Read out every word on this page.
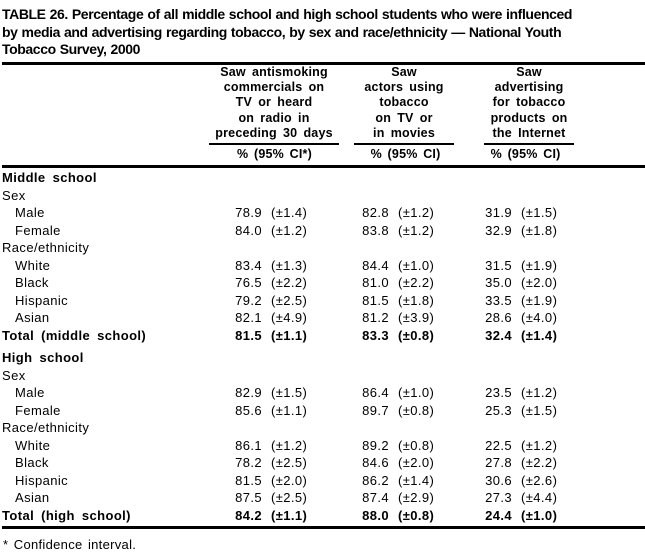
TABLE 26. Percentage of all middle school and high school students who were influenced
by media and advertising regarding tobacco, by sex and race/ethnicity — National Youth
Tobacco Survey, 2000

Saw antismoking
commercials on
TV or heard
on radio in
preceding 30 days
% (95% CI*)

Saw
actors using
tobacco
on TV or
in movies
% (95% CI)

Saw
advertising
for tobacco
products on
the Internet
% (95% CI)

Middle school							
Sex							
Male	78.9	(±1.4)	82.8	(±1.2)	31.9	(±1.5)	
Female	84.0	(±1.2)	83.8	(±1.2)	32.9	(±1.8)	
Race/ethnicity							
White	83.4	(±1.3)	84.4	(±1.0)	31.5	(±1.9)	
Black	76.5	(±2.2)	81.0	(±2.2)	35.0	(±2.0)	
Hispanic	79.2	(±2.5)	81.5	(±1.8)	33.5	(±1.9)	
Asian	82.1	(±4.9)	81.2	(±3.9)	28.6	(±4.0)	
Total (middle school)	81.5	(±1.1)	83.3	(±0.8)	32.4	(±1.4)	
High school							
Sex							
Male	82.9	(±1.5)	86.4	(±1.0)	23.5	(±1.2)	
Female	85.6	(±1.1)	89.7	(±0.8)	25.3	(±1.5)	
Race/ethnicity							
White	86.1	(±1.2)	89.2	(±0.8)	22.5	(±1.2)	
Black	78.2	(±2.5)	84.6	(±2.0)	27.8	(±2.2)	
Hispanic	81.5	(±2.0)	86.2	(±1.4)	30.6	(±2.6)	
Asian	87.5	(±2.5)	87.4	(±2.9)	27.3	(±4.4)	
Total (high school)	84.2	(±1.1)	88.0	(±0.8)	24.4	(±1.0)	
* Confidence interval.
